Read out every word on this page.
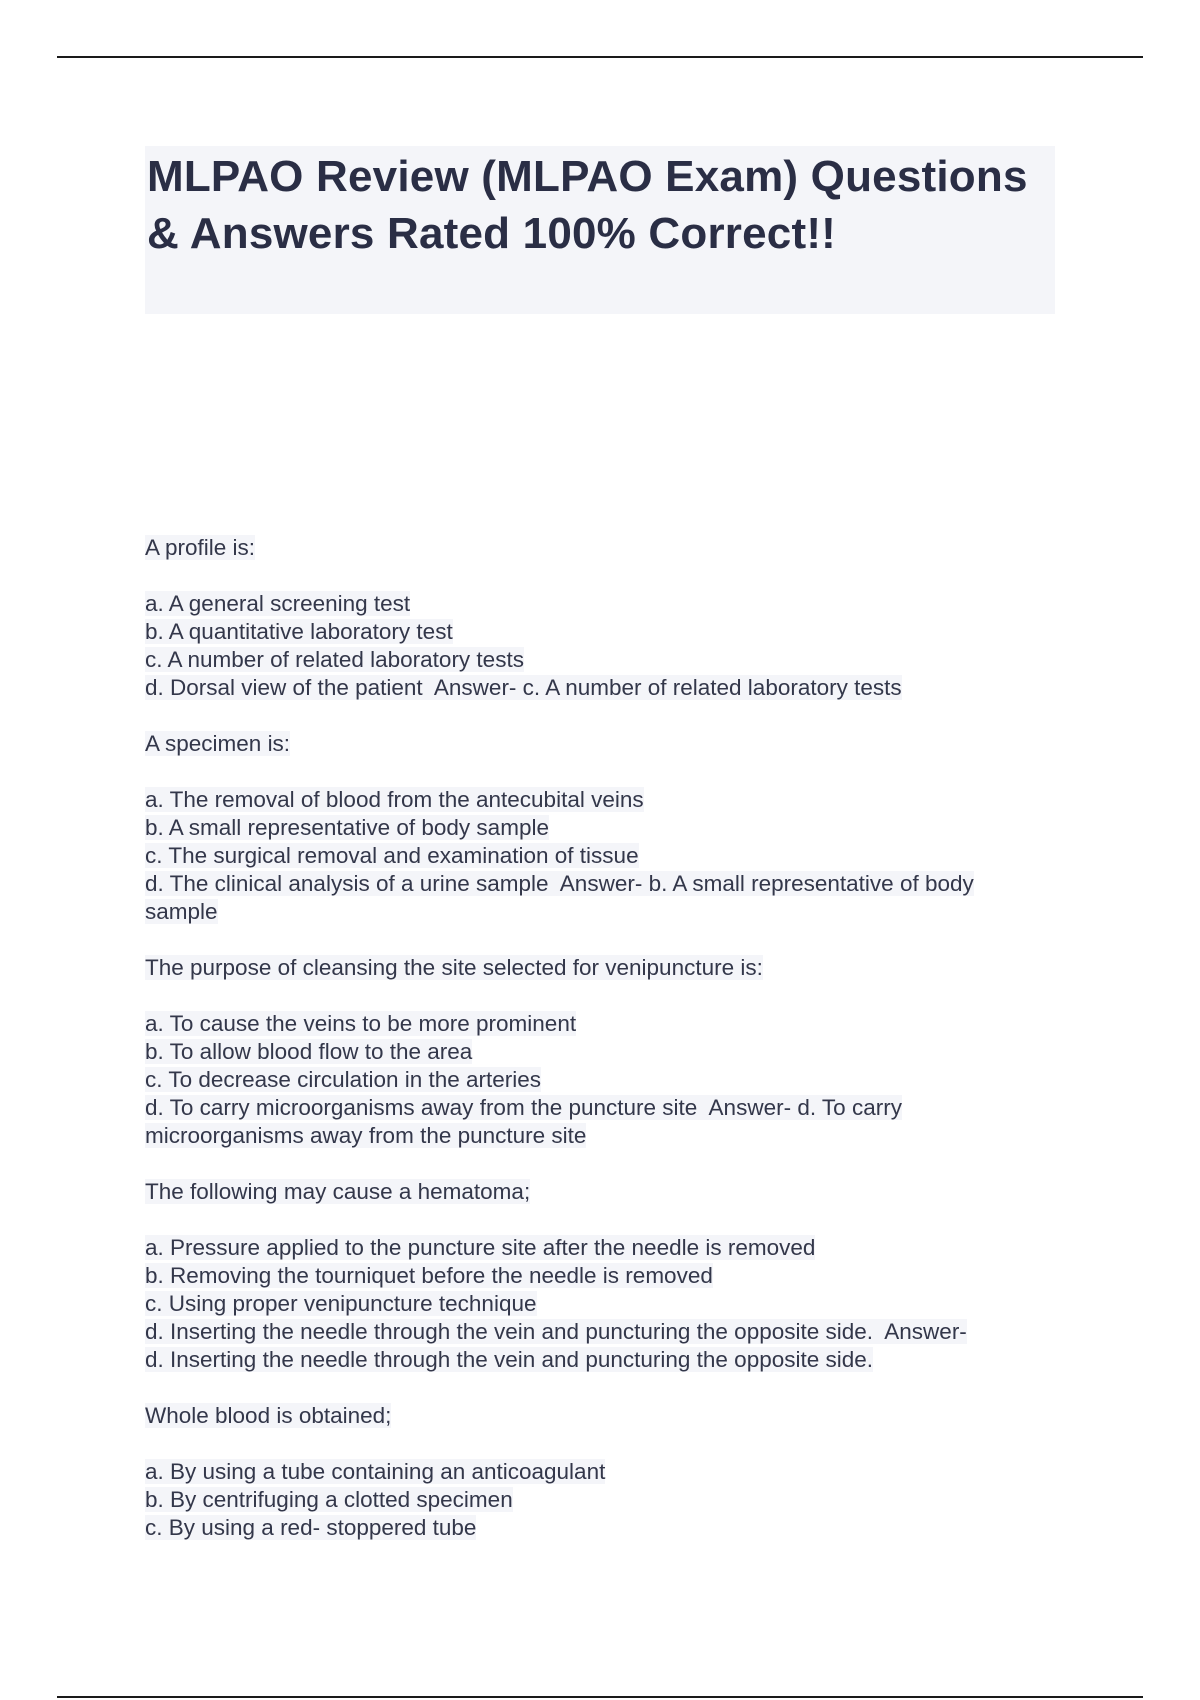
MLPAO Review (MLPAO Exam) Questions & Answers Rated 100% Correct!!
A profile is:
a. A general screening test
b. A quantitative laboratory test
c. A number of related laboratory tests
d. Dorsal view of the patient  Answer- c. A number of related laboratory tests
A specimen is:
a. The removal of blood from the antecubital veins
b. A small representative of body sample
c. The surgical removal and examination of tissue
d. The clinical analysis of a urine sample  Answer- b. A small representative of body
sample
The purpose of cleansing the site selected for venipuncture is:
a. To cause the veins to be more prominent
b. To allow blood flow to the area
c. To decrease circulation in the arteries
d. To carry microorganisms away from the puncture site  Answer- d. To carry
microorganisms away from the puncture site
The following may cause a hematoma;
a. Pressure applied to the puncture site after the needle is removed
b. Removing the tourniquet before the needle is removed
c. Using proper venipuncture technique
d. Inserting the needle through the vein and puncturing the opposite side.  Answer-
d. Inserting the needle through the vein and puncturing the opposite side.
Whole blood is obtained;
a. By using a tube containing an anticoagulant
b. By centrifuging a clotted specimen
c. By using a red- stoppered tube
